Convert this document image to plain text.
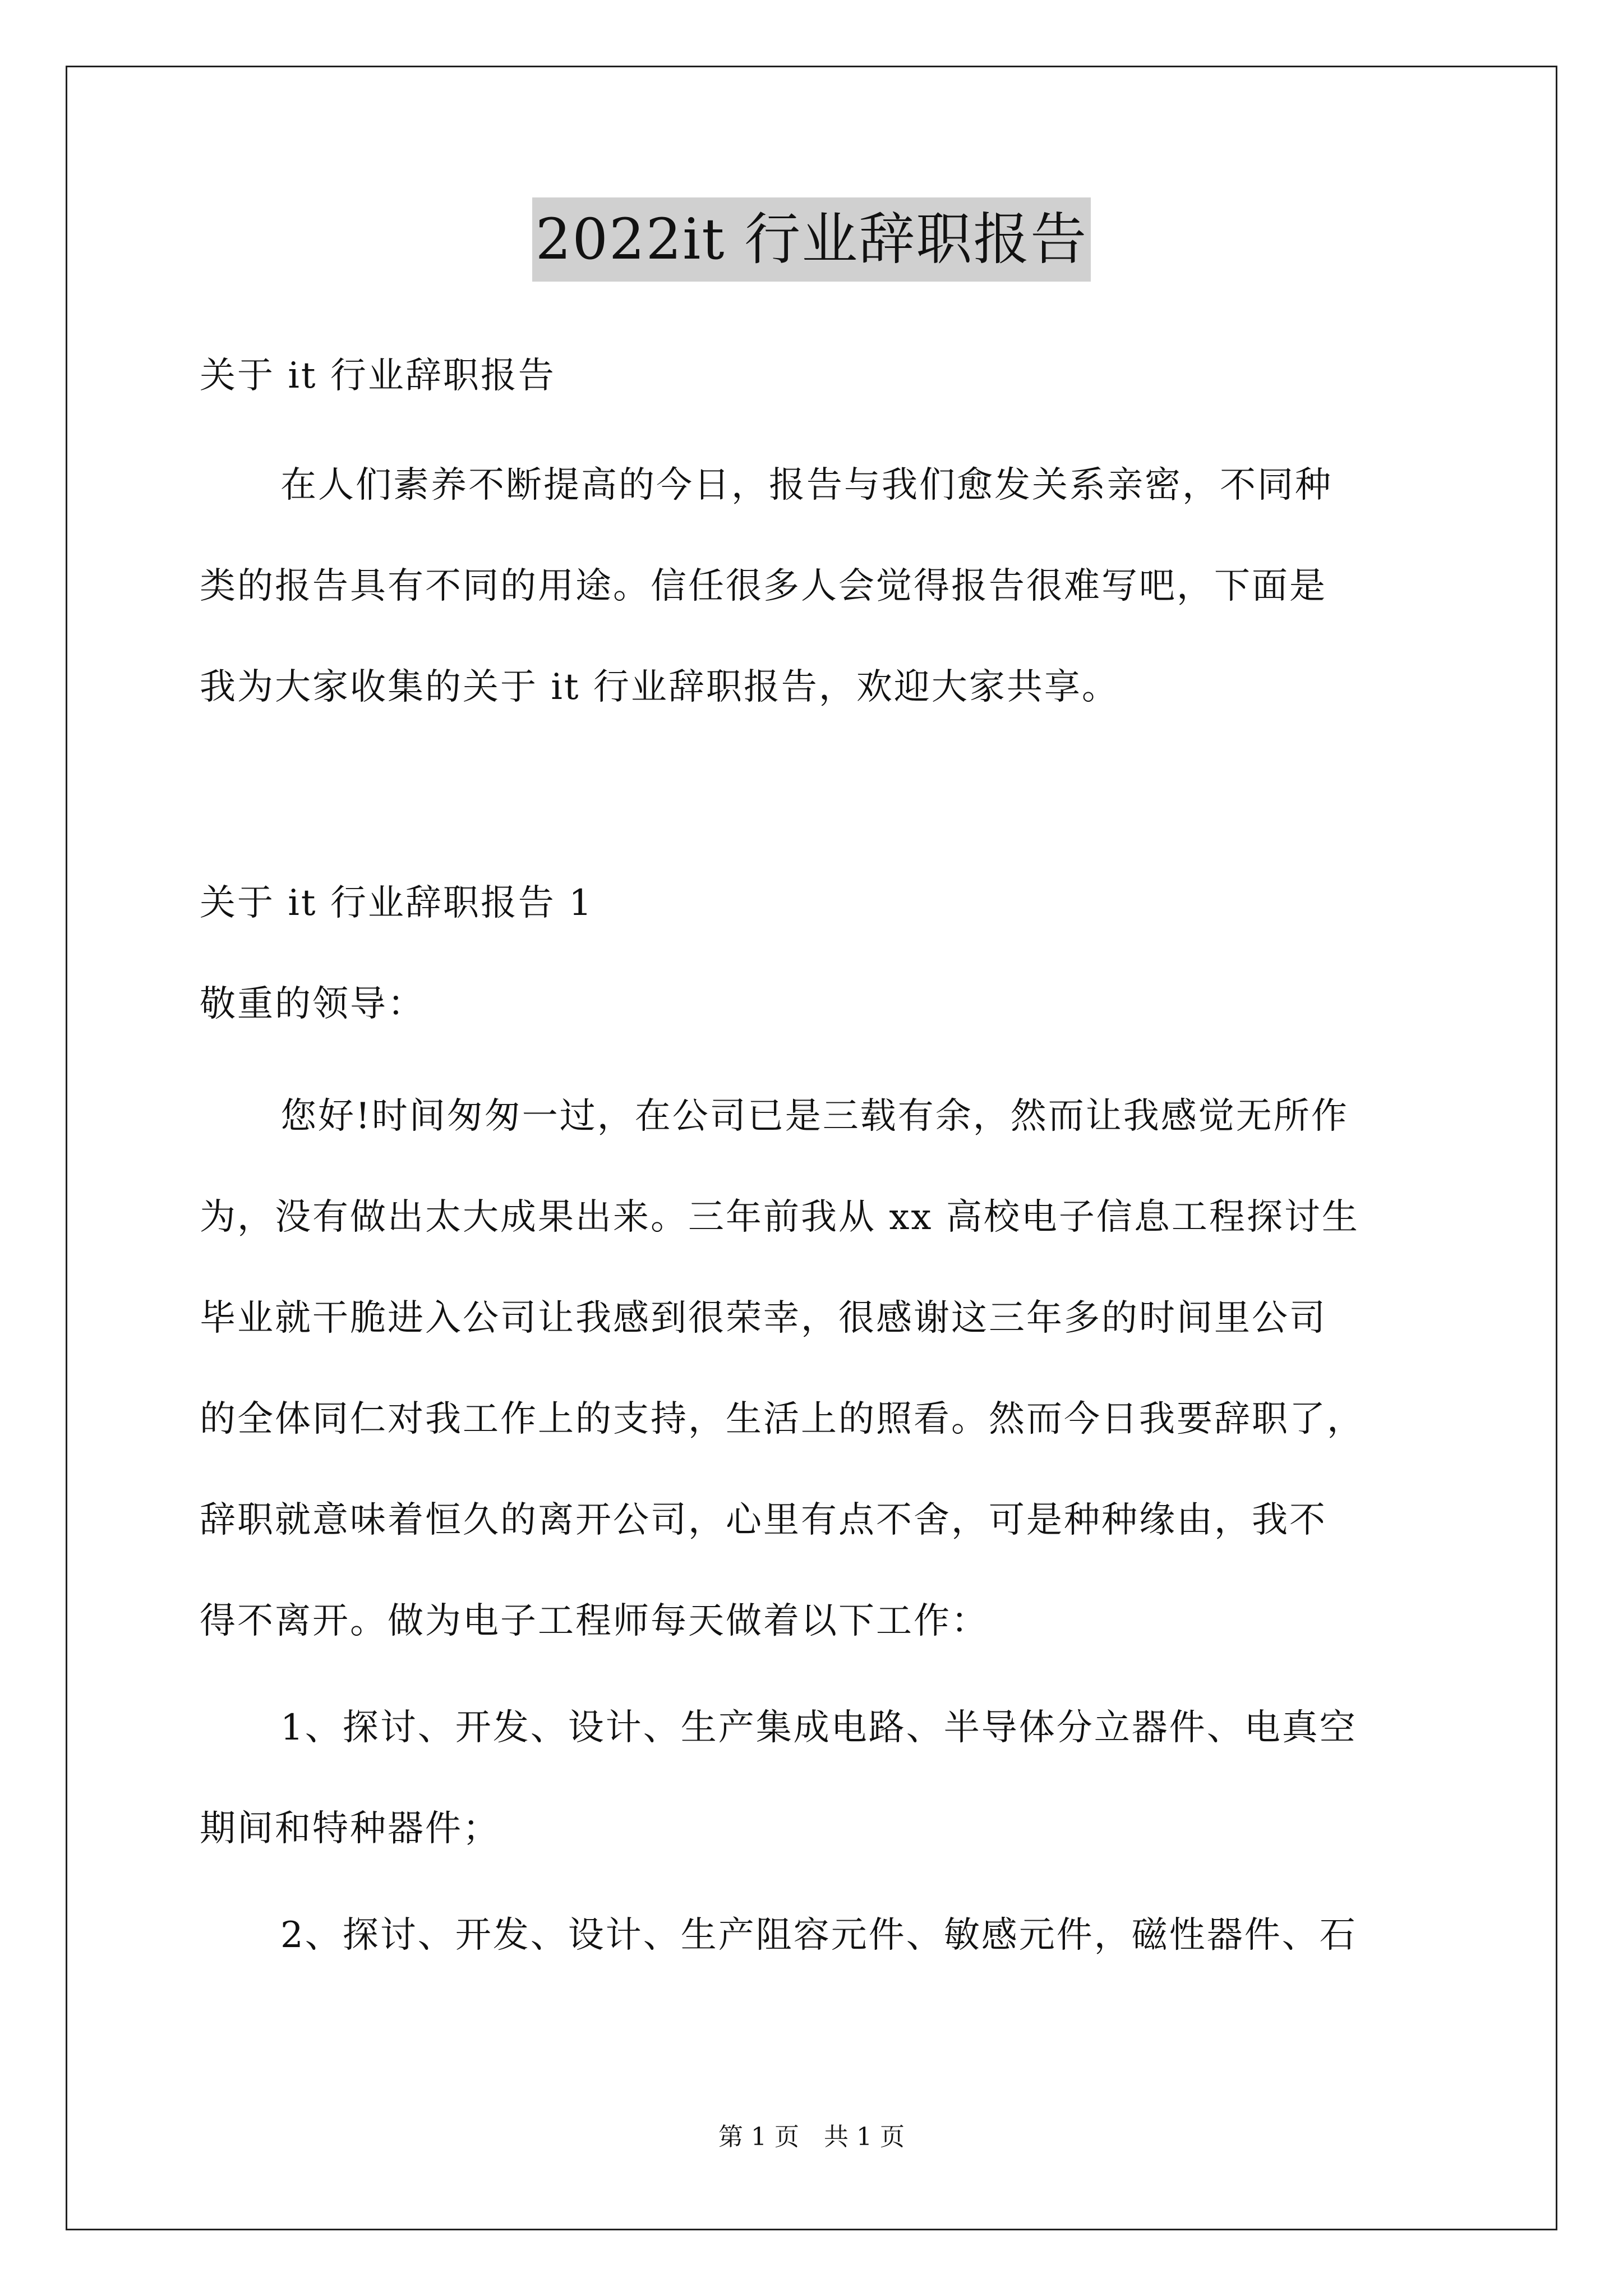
2022it 行业辞职报告
关于 it 行业辞职报告
在人们素养不断提高的今日，报告与我们愈发关系亲密，不同种
类的报告具有不同的用途。信任很多人会觉得报告很难写吧，下面是
我为大家收集的关于 it 行业辞职报告，欢迎大家共享。
关于 it 行业辞职报告 1
敬重的领导：
您好!时间匆匆一过，在公司已是三载有余，然而让我感觉无所作
为，没有做出太大成果出来。三年前我从 xx 高校电子信息工程探讨生
毕业就干脆进入公司让我感到很荣幸，很感谢这三年多的时间里公司
的全体同仁对我工作上的支持，生活上的照看。然而今日我要辞职了，
辞职就意味着恒久的离开公司，心里有点不舍，可是种种缘由，我不
得不离开。做为电子工程师每天做着以下工作：
1、探讨、开发、设计、生产集成电路、半导体分立器件、电真空
期间和特种器件；
2、探讨、开发、设计、生产阻容元件、敏感元件，磁性器件、石
第 1 页　共 1 页
